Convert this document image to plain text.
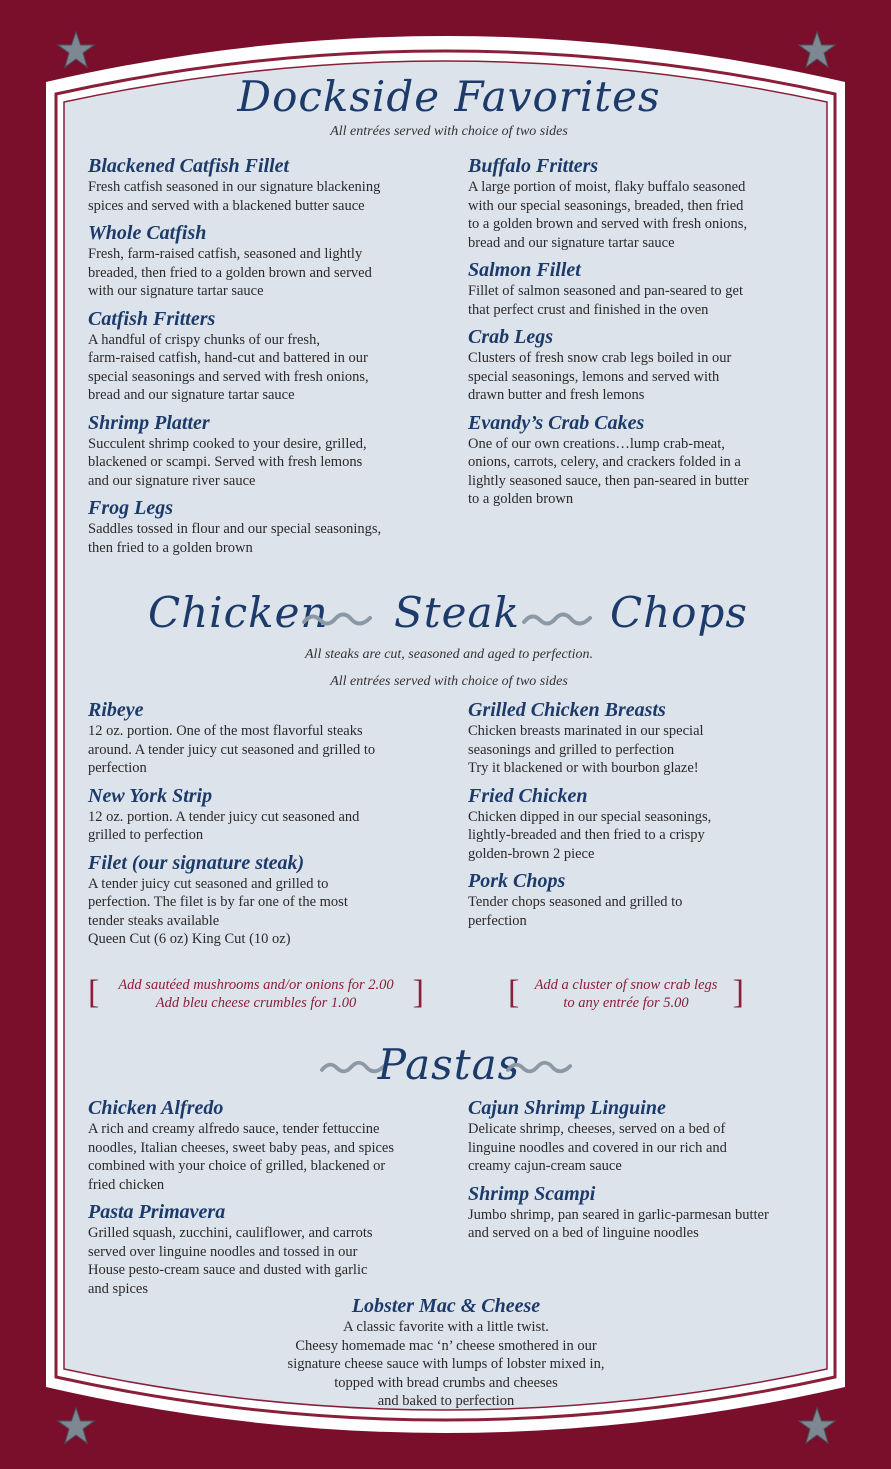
Dockside Favorites
All entrées served with choice of two sides
Blackened Catfish Fillet
Fresh catfish seasoned in our signature blackening
spices and served with a blackened butter sauce
Whole Catfish
Fresh, farm-raised catfish, seasoned and lightly
breaded, then fried to a golden brown and served
with our signature tartar sauce
Catfish Fritters
A handful of crispy chunks of our fresh,
farm-raised catfish, hand-cut and battered in our
special seasonings and served with fresh onions,
bread and our signature tartar sauce
Shrimp Platter
Succulent shrimp cooked to your desire, grilled,
blackened or scampi. Served with fresh lemons
and our signature river sauce
Frog Legs
Saddles tossed in flour and our special seasonings,
then fried to a golden brown
Buffalo Fritters
A large portion of moist, flaky buffalo seasoned
with our special seasonings, breaded, then fried
to a golden brown and served with fresh onions,
bread and our signature tartar sauce
Salmon Fillet
Fillet of salmon seasoned and pan-seared to get
that perfect crust and finished in the oven
Crab Legs
Clusters of fresh snow crab legs boiled in our
special seasonings, lemons and served with
drawn butter and fresh lemons
Evandy’s Crab Cakes
One of our own creations…lump crab-meat,
onions, carrots, celery, and crackers folded in a
lightly seasoned sauce, then pan-seared in butter
to a golden brown
Chicken Steak Chops
All steaks are cut, seasoned and aged to perfection.
All entrées served with choice of two sides
Ribeye
12 oz. portion. One of the most flavorful steaks
around. A tender juicy cut seasoned and grilled to
perfection
New York Strip
12 oz. portion. A tender juicy cut seasoned and
grilled to perfection
Filet (our signature steak)
A tender juicy cut seasoned and grilled to
perfection. The filet is by far one of the most
tender steaks available
Queen Cut (6 oz) King Cut (10 oz)
Grilled Chicken Breasts
Chicken breasts marinated in our special
seasonings and grilled to perfection
Try it blackened or with bourbon glaze!
Fried Chicken
Chicken dipped in our special seasonings,
lightly-breaded and then fried to a crispy
golden-brown 2 piece
Pork Chops
Tender chops seasoned and grilled to
perfection
[	Add sautéed mushrooms and/or onions for 2.00
Add bleu cheese crumbles for 1.00	] [	Add a cluster of snow crab legs
to any entrée for 5.00	]
Pastas
Chicken Alfredo
A rich and creamy alfredo sauce, tender fettuccine
noodles, Italian cheeses, sweet baby peas, and spices
combined with your choice of grilled, blackened or
fried chicken
Pasta Primavera
Grilled squash, zucchini, cauliflower, and carrots
served over linguine noodles and tossed in our
House pesto-cream sauce and dusted with garlic
and spices
Cajun Shrimp Linguine
Delicate shrimp, cheeses, served on a bed of
linguine noodles and covered in our rich and
creamy cajun-cream sauce
Shrimp Scampi
Jumbo shrimp, pan seared in garlic-parmesan butter
and served on a bed of linguine noodles
Lobster Mac & Cheese
A classic favorite with a little twist.
Cheesy homemade mac ‘n’ cheese smothered in our
signature cheese sauce with lumps of lobster mixed in,
topped with bread crumbs and cheeses
and baked to perfection
